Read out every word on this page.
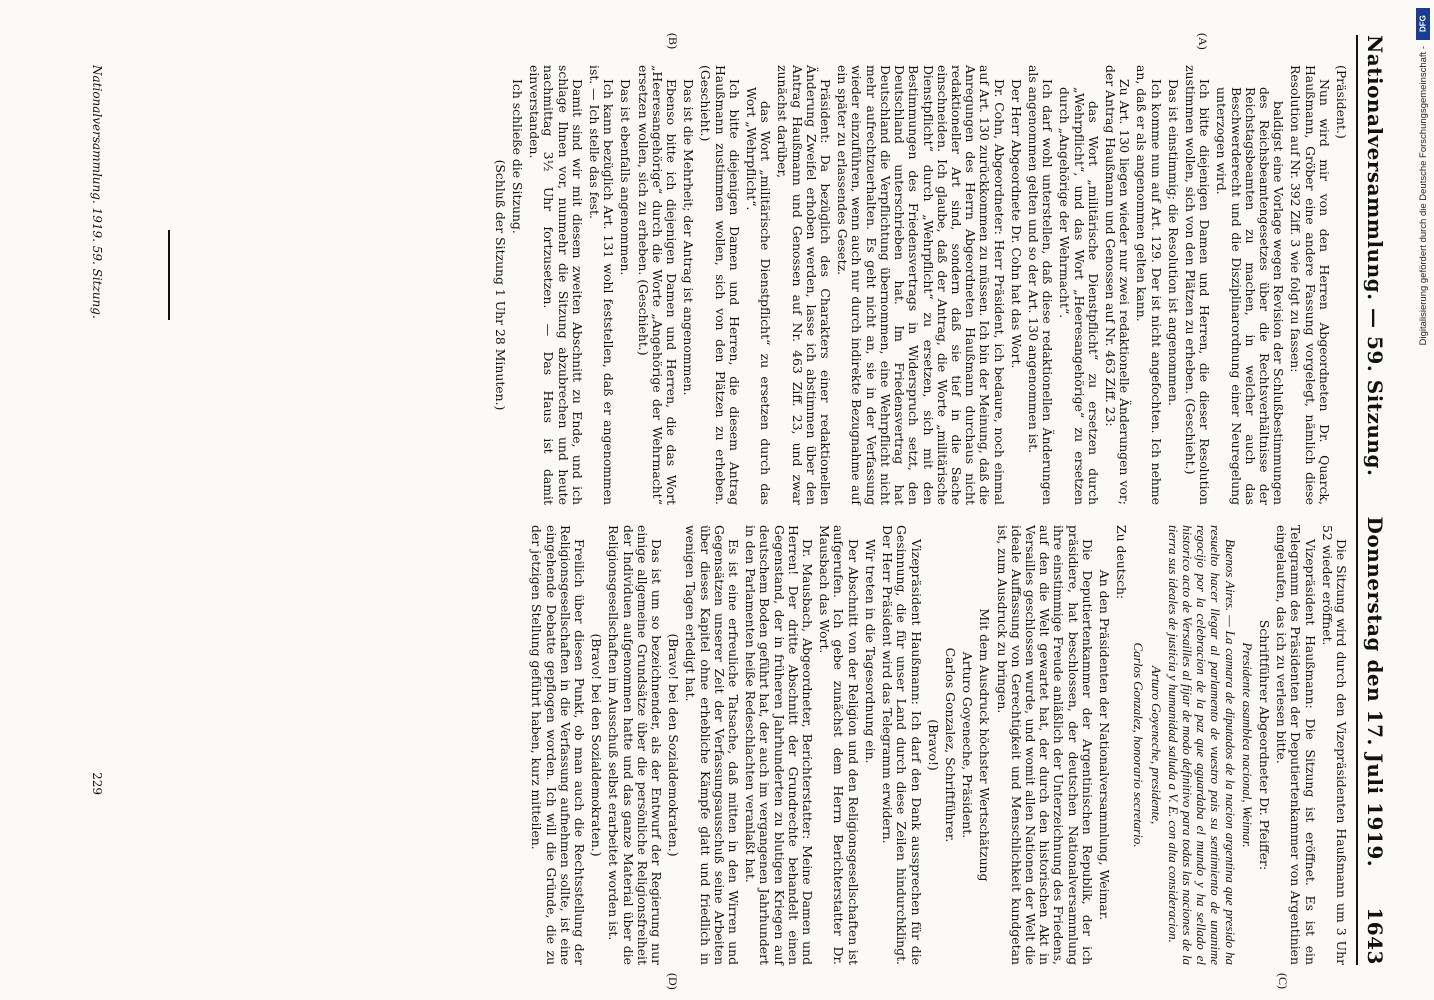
Nationalversammlung. — 59. Sitzung.
Donnerstag den 17. Juli 1919.
1643
(A)
(B)
(C)
(D)

(Präsident.)

Nun wird mir von den Herren Abgeordneten Dr. Quarck, Haußmann, Gröber eine andere Fassung vorgelegt, nämlich diese Resolution auf Nr. 392 Ziff. 3 wie folgt zu fassen:

baldigst eine Vorlage wegen Revision der Schlußbestimmungen des Reichsbeamtengesetzes über die Rechtsverhältnisse der Reichstagsbeamten zu machen, in welcher auch das Beschwerderecht und die Disziplinarordnung einer Neuregelung unterzogen wird.

Ich bitte diejenigen Damen und Herren, die dieser Resolution zustimmen wollen, sich von den Plätzen zu erheben. (Geschieht.)

Das ist einstimmig; die Resolution ist angenommen.

Ich komme nun auf Art. 129. Der ist nicht angefochten. Ich nehme an, daß er als angenommen gelten kann.

Zu Art. 130 liegen wieder nur zwei redaktionelle Änderungen vor; der Antrag Haußmann und Genossen auf Nr. 463 Ziff. 23:

das Wort „militärische Dienstpflicht“ zu ersetzen durch „Wehrpflicht“, und das Wort „Heeresangehörige“ zu ersetzen durch „Angehörige der Wehrmacht“.

Ich darf wohl unterstellen, daß diese redaktionellen Änderungen als angenommen gelten und so der Art. 130 angenommen ist.

Der Herr Abgeordnete Dr. Cohn hat das Wort.

Dr. Cohn, Abgeordneter: Herr Präsident, ich bedaure, noch einmal auf Art. 130 zurückkommen zu müssen. Ich bin der Meinung, daß die Anregungen des Herrn Abgeordneten Haußmann durchaus nicht redaktioneller Art sind, sondern daß sie tief in die Sache einschneiden. Ich glaube, daß der Antrag, die Worte „militärische Dienstpflicht“ durch „Wehrpflicht“ zu ersetzen, sich mit den Bestimmungen des Friedensvertrags in Widerspruch setzt, den Deutschland unterschrieben hat. Im Friedensvertrag hat Deutschland die Verpflichtung übernommen, eine Wehrpflicht nicht mehr aufrechtzuerhalten. Es geht nicht an, sie in der Verfassung wieder einzuführen, wenn auch nur durch indirekte Bezugnahme auf ein später zu erlassendes Gesetz.

Präsident: Da bezüglich des Charakters einer redaktionellen Änderung Zweifel erhoben werden, lasse ich abstimmen über den Antrag Haußmann und Genossen auf Nr. 463 Ziff. 23, und zwar zunächst darüber,

das Wort „militärische Dienstpflicht“ zu ersetzen durch das Wort „Wehrpflicht“.

Ich bitte diejenigen Damen und Herren, die diesem Antrag Haußmann zustimmen wollen, sich von den Plätzen zu erheben. (Geschieht.)

Das ist die Mehrheit; der Antrag ist angenommen.

Ebenso bitte ich diejenigen Damen und Herren, die das Wort „Heeresangehörige“ durch die Worte „Angehörige der Wehrmacht“ ersetzen wollen, sich zu erheben. (Geschieht.)

Das ist ebenfalls angenommen.

Ich kann bezüglich Art. 131 wohl feststellen, daß er angenommen ist. — Ich stelle das fest.

Damit sind wir mit diesem zweiten Abschnitt zu Ende, und ich schlage Ihnen vor, nunmehr die Sitzung abzubrechen und heute nachmittag 3½ Uhr fortzusetzen. — Das Haus ist damit einverstanden.

Ich schließe die Sitzung.

(Schluß der Sitzung 1 Uhr 28 Minuten.)

Die Sitzung wird durch den Vizepräsidenten Haußmann um 3 Uhr 52 wieder eröffnet.

Vizepräsident Haußmann: Die Sitzung ist eröffnet. Es ist ein Telegramm des Präsidenten der Deputiertenkammer von Argentinien eingelaufen, das ich zu verlesen bitte.

Schriftführer Abgeordneter Dr. Pfeiffer:

Presidente asamblea nacional, Weimar.

Buenos Aires. — La camara de diputados de la nacion argentina que presido ha resuelto hacer llegar al parlamento de vuestro pais su sentimiento de unanime regocijo por la celebracion de la paz que aguardaba el mundo y ha sellado el historico acto de Versailles al fijar de modo definitivo para todas las naciones de la tierra sus ideales de justicia y humanidad saluda a V. E. con alta consideracion.

Arturo Goyeneche, presidente,

Carlos Gonzalez, honorario secretario.

Zu deutsch:

An den Präsidenten der Nationalversammlung, Weimar.

Die Deputiertenkammer der Argentinischen Republik, der ich präsidiere, hat beschlossen, der deutschen Nationalversammlung ihre einstimmige Freude anläßlich der Unterzeichnung des Friedens, auf den die Welt gewartet hat, der durch den historischen Akt in Versailles geschlossen wurde, und womit allen Nationen der Welt die ideale Auffassung von Gerechtigkeit und Menschlichkeit kundgetan ist, zum Ausdruck zu bringen.

Mit dem Ausdruck höchster Wertschätzung

Arturo Goyeneche, Präsident.

Carlos Gonzalez, Schriftführer.

(Bravo!)

Vizepräsident Haußmann: Ich darf den Dank aussprechen für die Gesinnung, die für unser Land durch diese Zeilen hindurchklingt. Der Herr Präsident wird das Telegramm erwidern.

Wir treten in die Tagesordnung ein.

Der Abschnitt von der Religion und den Religionsgesellschaften ist aufgerufen. Ich gebe zunächst dem Herrn Berichterstatter Dr. Mausbach das Wort.

Dr. Mausbach, Abgeordneter, Berichterstatter: Meine Damen und Herren! Der dritte Abschnitt der Grundrechte behandelt einen Gegenstand, der in früheren Jahrhunderten zu blutigen Kriegen auf deutschem Boden geführt hat, der auch im vergangenen Jahrhundert in den Parlamenten heiße Redeschlachten veranlaßt hat.

Es ist eine erfreuliche Tatsache, daß mitten in den Wirren und Gegensätzen unserer Zeit der Verfassungsausschuß seine Arbeiten über dieses Kapitel ohne erhebliche Kämpfe glatt und friedlich in wenigen Tagen erledigt hat.

(Bravo! bei den Sozialdemokraten.)

Das ist um so bezeichnender, als der Entwurf der Regierung nur einige allgemeine Grundsätze über die persönliche Religionsfreiheit der Individuen aufgenommen hatte und das ganze Material über die Religionsgesellschaften im Ausschuß selbst erarbeitet worden ist.

(Bravo! bei den Sozialdemokraten.)

Freilich über diesen Punkt, ob man auch die Rechtsstellung der Religionsgesellschaften in die Verfassung aufnehmen sollte, ist eine eingehende Debatte gepflogen worden. Ich will die Gründe, die zu der jetzigen Stellung geführt haben, kurz mitteilen.

Nationalversammlung. 1919. 59. Sitzung.
229
DFG
Digitalisierung gefördert durch die Deutsche Forschungsgemeinschaft -
